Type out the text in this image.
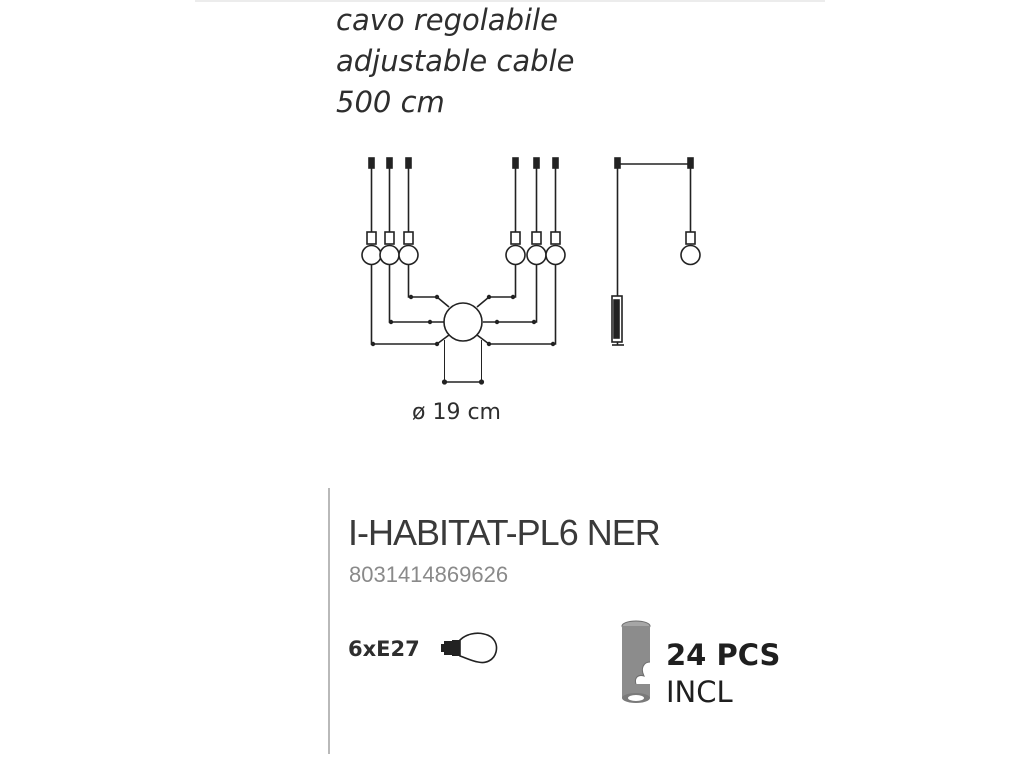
cavo regolabile
adjustable cable
500 cm
ø 19 cm
I-HABITAT-PL6 NER
8031414869626
6xE27	24 PCS
INCL
